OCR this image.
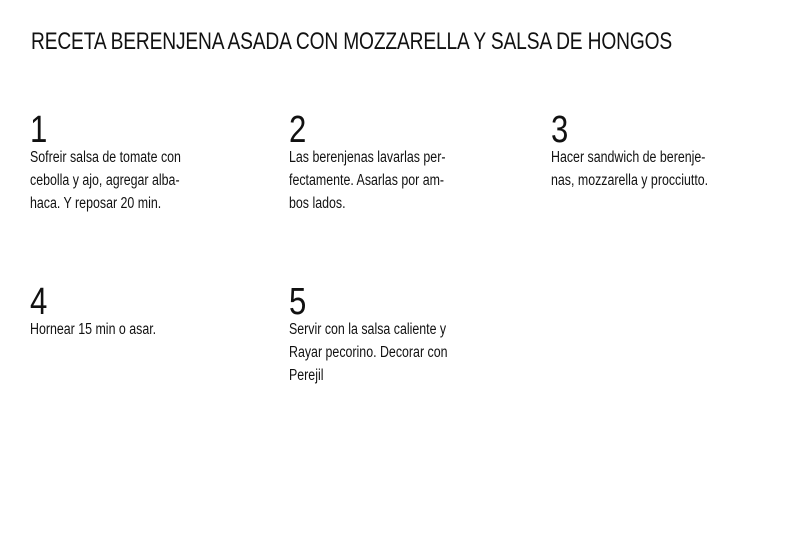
RECETA BERENJENA ASADA CON MOZZARELLA Y SALSA DE HONGOS
1
Sofreir salsa de tomate con
cebolla y ajo, agregar alba-
haca. Y reposar 20 min.
2
Las berenjenas lavarlas per-
fectamente. Asarlas por am-
bos lados.
3
Hacer sandwich de berenje-
nas, mozzarella y procciutto.
4
Hornear 15 min o asar.
5
Servir con la salsa caliente y
Rayar pecorino. Decorar con
Perejil
